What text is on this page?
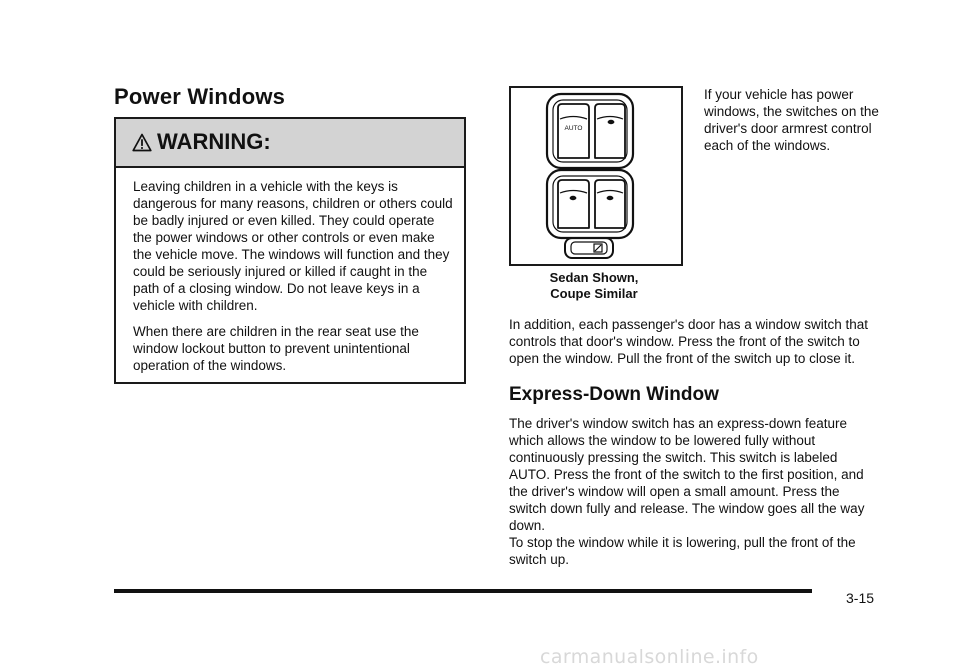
Power Windows
WARNING:

Leaving children in a vehicle with the keys is dangerous for many reasons, children or others could be badly injured or even killed. They could operate the power windows or other controls or even make the vehicle move. The windows will function and they could be seriously injured or killed if caught in the path of a closing window. Do not leave keys in a vehicle with children.

When there are children in the rear seat use the window lockout button to prevent unintentional operation of the windows.

AUTO
Sedan Shown,
Coupe Similar

If your vehicle has power windows, the switches on the driver's door armrest control each of the windows.

In addition, each passenger's door has a window switch that controls that door's window. Press the front of the switch to open the window. Pull the front of the switch up to close it.

Express-Down Window

The driver's window switch has an express-down feature which allows the window to be lowered fully without continuously pressing the switch. This switch is labeled AUTO. Press the front of the switch to the first position, and the driver's window will open a small amount. Press the switch down fully and release. The window goes all the way down.

To stop the window while it is lowering, pull the front of the switch up.

3-15
carmanualsonline.info
